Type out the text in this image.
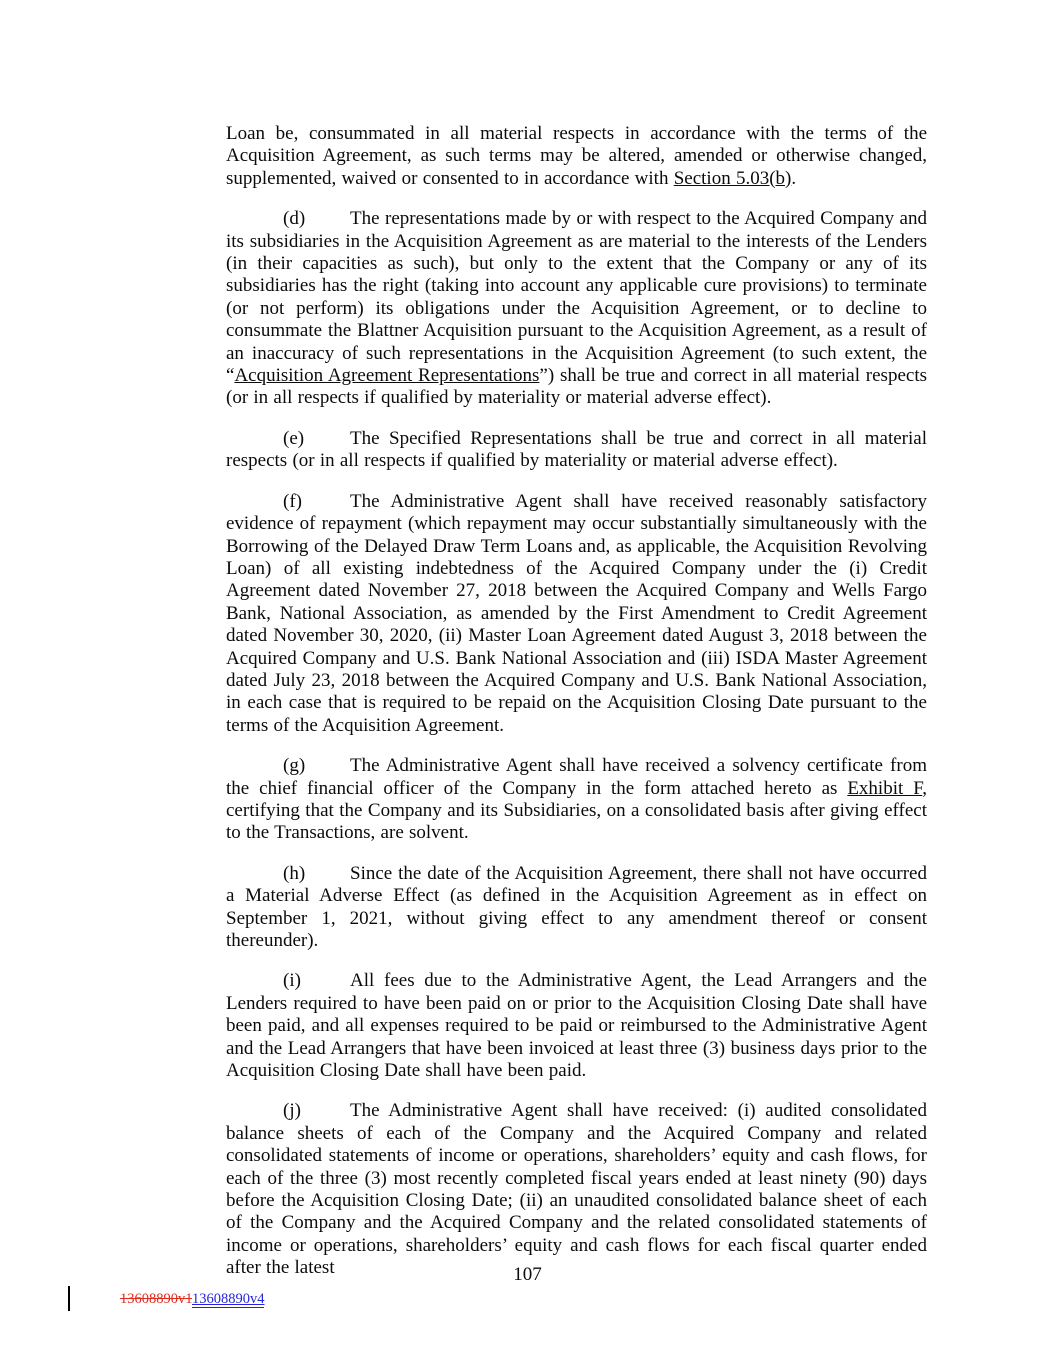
Loan be, consummated in all material respects in accordance with the terms of the Acquisition Agreement, as such terms may be altered, amended or otherwise changed, supplemented, waived or consented to in accordance with Section 5.03(b).

(d) The representations made by or with respect to the Acquired Company and its subsidiaries in the Acquisition Agreement as are material to the interests of the Lenders (in their capacities as such), but only to the extent that the Company or any of its subsidiaries has the right (taking into account any applicable cure provisions) to terminate (or not perform) its obligations under the Acquisition Agreement, or to decline to consummate the Blattner Acquisition pursuant to the Acquisition Agreement, as a result of an inaccuracy of such representations in the Acquisition Agreement (to such extent, the “Acquisition Agreement Representations”) shall be true and correct in all material respects (or in all respects if qualified by materiality or material adverse effect).

(e) The Specified Representations shall be true and correct in all material respects (or in all respects if qualified by materiality or material adverse effect).

(f)	The Administrative Agent shall have received reasonably satisfactory evidence of repayment (which repayment may occur substantially simultaneously with the Borrowing of the Delayed Draw Term Loans and, as applicable, the Acquisition Revolving Loan) of all existing indebtedness of the Acquired Company under the (i) Credit Agreement dated November 27, 2018 between the Acquired Company and Wells Fargo Bank, National Association, as amended by the First Amendment to Credit Agreement dated November 30, 2020, (ii) Master Loan Agreement dated August 3, 2018 between the Acquired Company and U.S. Bank National Association and (iii) ISDA Master Agreement dated July 23, 2018 between the Acquired Company and U.S. Bank National Association, in each case that is required to be repaid on the Acquisition Closing Date pursuant to the terms of the Acquisition Agreement.

(g) The Administrative Agent shall have received a solvency certificate from the chief financial officer of the Company in the form attached hereto as Exhibit F, certifying that the Company and its Subsidiaries, on a consolidated basis after giving effect to the Transactions, are solvent.

(h) Since the date of the Acquisition Agreement, there shall not have occurred a Material Adverse Effect (as defined in the Acquisition Agreement as in effect on September 1, 2021, without giving effect to any amendment thereof or consent thereunder).

(i)	All fees due to the Administrative Agent, the Lead Arrangers and the Lenders required to have been paid on or prior to the Acquisition Closing Date shall have been paid, and all expenses required to be paid or reimbursed to the Administrative Agent and the Lead Arrangers that have been invoiced at least three (3) business days prior to the Acquisition Closing Date shall have been paid.

(j)	The Administrative Agent shall have received: (i) audited consolidated balance sheets of each of the Company and the Acquired Company and related consolidated statements of income or operations, shareholders’ equity and cash flows, for each of the three (3) most recently completed fiscal years ended at least ninety (90) days before the Acquisition Closing Date; (ii) an unaudited consolidated balance sheet of each of the Company and the Acquired Company and the related consolidated statements of income or operations, shareholders’ equity and cash flows for each fiscal quarter ended after the latest	107
13608890v113608890v4
